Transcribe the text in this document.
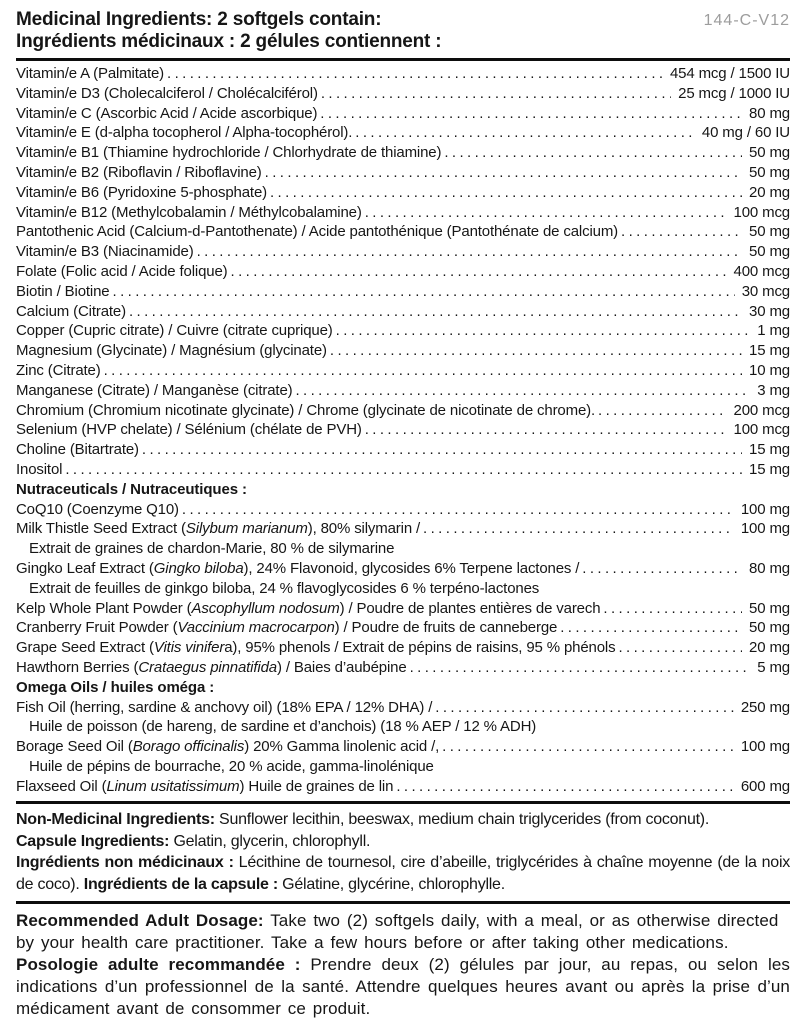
Medicinal Ingredients: 2 softgels contain:
Ingrédients médicinaux : 2 gélules contiennent :
144-C-V12
Vitamin/e A (Palmitate) .....	454 mcg / 1500 IU
Vitamin/e D3 (Cholecalciferol / Cholécalciférol) .....	25 mcg / 1000 IU
Vitamin/e C (Ascorbic Acid / Acide ascorbique) .....	80 mg
Vitamin/e E (d-alpha tocopherol / Alpha-tocophérol). .....	40 mg / 60 IU
Vitamin/e B1 (Thiamine hydrochloride / Chlorhydrate de thiamine) .....	50 mg
Vitamin/e B2 (Riboflavin / Riboflavine) .....	50 mg
Vitamin/e B6 (Pyridoxine 5-phosphate) .....	20 mg
Vitamin/e B12 (Methylcobalamin / Méthylcobalamine) .....	100 mcg
Pantothenic Acid (Calcium-d-Pantothenate) / Acide pantothénique (Pantothénate de calcium) .....	50 mg
Vitamin/e B3 (Niacinamide) .....	50 mg
Folate (Folic acid / Acide folique) .....	400 mcg
Biotin / Biotine .....	30 mcg
Calcium (Citrate) .....	30 mg
Copper (Cupric citrate) / Cuivre (citrate cuprique) .....	1 mg
Magnesium (Glycinate) / Magnésium (glycinate) .....	15 mg
Zinc (Citrate) .....	10 mg
Manganese (Citrate) / Manganèse (citrate) .....	3 mg
Chromium (Chromium nicotinate glycinate) / Chrome (glycinate de nicotinate de chrome). .....	200 mcg
Selenium (HVP chelate) / Sélénium (chélate de PVH) .....	100 mcg
Choline (Bitartrate) .....	15 mg
Inositol .....	15 mg
Nutraceuticals / Nutraceutiques :
CoQ10 (Coenzyme Q10) .....	100 mg
Milk Thistle Seed Extract (Silybum marianum), 80% silymarin / .....	100 mg
Extrait de graines de chardon-Marie, 80 % de silymarine
Gingko Leaf Extract (Gingko biloba), 24% Flavonoid, glycosides 6% Terpene lactones / .....	80 mg
Extrait de feuilles de ginkgo biloba, 24 % flavoglycosides 6 % terpéno-lactones
Kelp Whole Plant Powder (Ascophyllum nodosum) / Poudre de plantes entières de varech .....	50 mg
Cranberry Fruit Powder (Vaccinium macrocarpon) / Poudre de fruits de canneberge .....	50 mg
Grape Seed Extract (Vitis vinifera), 95% phenols / Extrait de pépins de raisins, 95 % phénols .....	20 mg
Hawthorn Berries (Crataegus pinnatifida) / Baies d’aubépine .....	5 mg
Omega Oils / huiles oméga :
Fish Oil (herring, sardine & anchovy oil) (18% EPA / 12% DHA) / .....	250 mg
Huile de poisson (de hareng, de sardine et d’anchois) (18 % AEP / 12 % ADH)
Borage Seed Oil (Borago officinalis) 20% Gamma linolenic acid /, .....	100 mg
Huile de pépins de bourrache, 20 % acide, gamma-linolénique
Flaxseed Oil (Linum usitatissimum) Huile de graines de lin .....	600 mg

Non-Medicinal Ingredients: Sunflower lecithin, beeswax, medium chain triglycerides (from coconut).

Capsule Ingredients: Gelatin, glycerin, chlorophyll.

Ingrédients non médicinaux : Lécithine de tournesol, cire d’abeille, triglycérides à chaîne moyenne (de la noix de coco). Ingrédients de la capsule : Gélatine, glycérine, chlorophylle.

Recommended Adult Dosage: Take two (2) softgels daily, with a meal, or as otherwise directed by your health care practitioner. Take a few hours before or after taking other medications.

Posologie adulte recommandée : Prendre deux (2) gélules par jour, au repas, ou selon les indications d’un professionnel de la santé. Attendre quelques heures avant ou après la prise d’un médicament avant de consommer ce produit.
